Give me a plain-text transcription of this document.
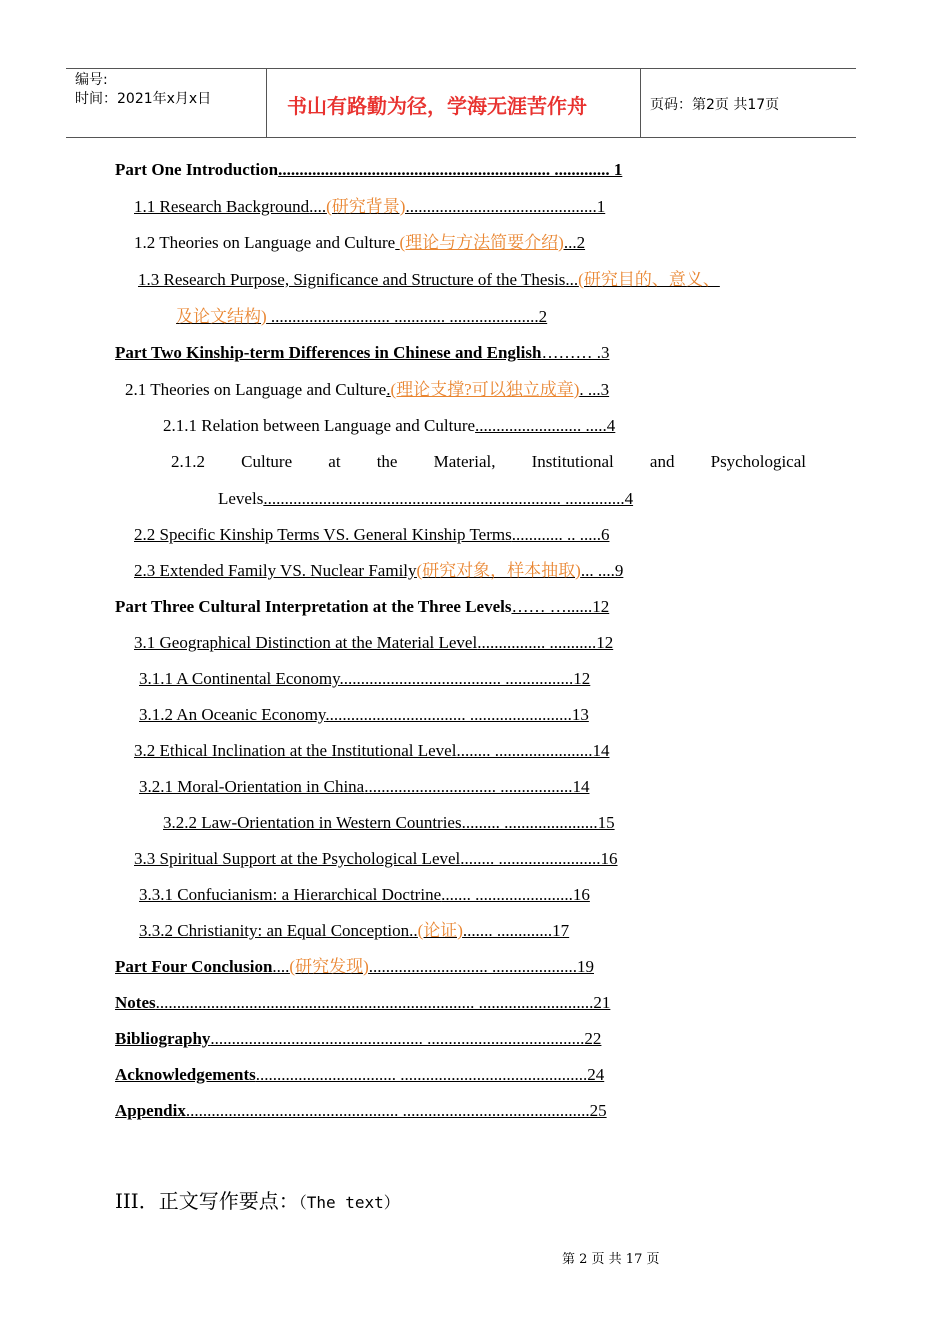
编号:
时间：2021年x月x日	书山有路勤为径，学海无涯苦作舟	页码：第2页 共17页
Part One Introduction................................................................ ............. 1
1.1 Research Background....(研究背景).............................................1
1.2 Theories on Language and Culture (理论与方法简要介绍)...2
1.3 Research Purpose, Significance and Structure of the Thesis...(研究目的、意义、
及论文结构) ............................ ............ .....................2
Part Two Kinship-term Differences in Chinese and English……… .3
2.1 Theories on Language and Culture.(理论支撑?可以独立成章). ...3
2.1.1 Relation between Language and Culture......................... .....4
2.1.2 Culture at the Material, Institutional and Psychological
Levels...................................................................... ..............4
2.2 Specific Kinship Terms VS. General Kinship Terms............ .. .....6
2.3 Extended Family VS. Nuclear Family(研究对象，样本抽取)... ....9
Part Three Cultural Interpretation at the Three Levels…… …......12
3.1 Geographical Distinction at the Material Level................ ...........12
3.1.1 A Continental Economy...................................... ................12
3.1.2 An Oceanic Economy................................. ........................13
3.2 Ethical Inclination at the Institutional Level........ .......................14
3.2.1 Moral-Orientation in China............................... .................14
3.2.2 Law-Orientation in Western Countries......... ......................15
3.3 Spiritual Support at the Psychological Level........ ........................16
3.3.1 Confucianism: a Hierarchical Doctrine....... .......................16
3.3.2 Christianity: an Equal Conception..(论证)....... .............17
Part Four Conclusion....(研究发现)............................ ....................19
Notes........................................................................... ...........................21
Bibliography.................................................. .....................................22
Acknowledgements................................. ............................................24
Appendix.................................................. ............................................25
III．正文写作要点：（The text）
第 2 页 共 17 页
